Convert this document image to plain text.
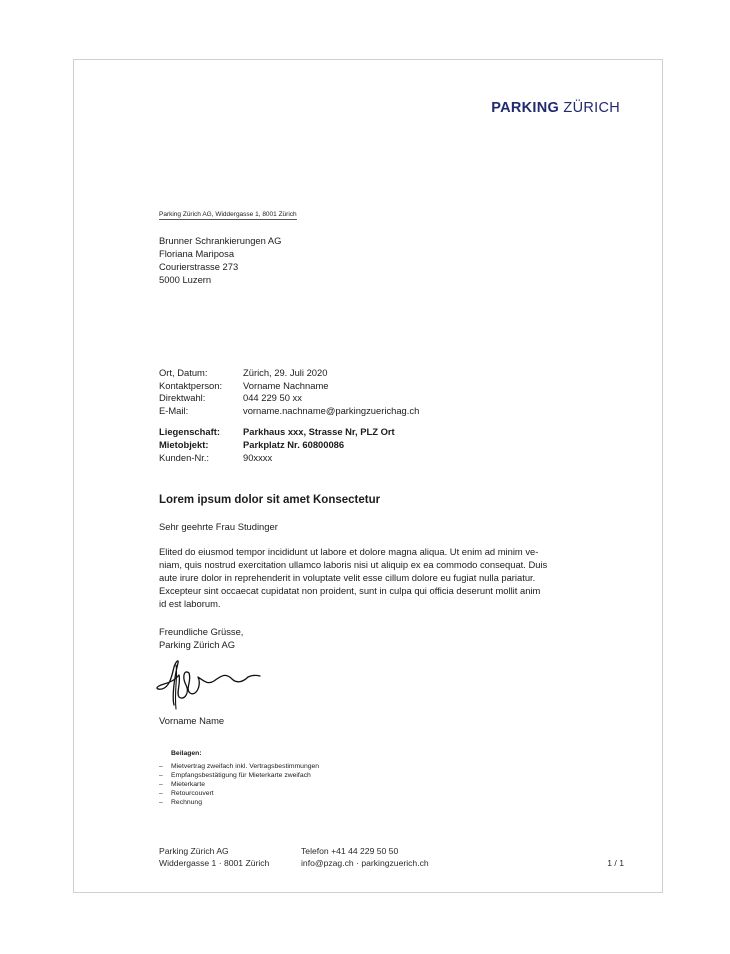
PARKING ZÜRICH
Parking Zürich AG, Widdergasse 1, 8001 Zürich
Brunner Schrankierungen AG
Floriana Mariposa
Courierstrasse 273
5000 Luzern
Ort, Datum:	Zürich, 29. Juli 2020
Kontaktperson:	Vorname Nachname
Direktwahl:	044 229 50 xx
E-Mail:	vorname.nachname@parkingzuerichag.ch
Liegenschaft:	Parkhaus xxx, Strasse Nr, PLZ Ort
Mietobjekt:	Parkplatz Nr. 60800086
Kunden-Nr.:	90xxxx
Lorem ipsum dolor sit amet Konsectetur
Sehr geehrte Frau Studinger
Elited do eiusmod tempor incididunt ut labore et dolore magna aliqua. Ut enim ad minim ve-
niam, quis nostrud exercitation ullamco laboris nisi ut aliquip ex ea commodo consequat. Duis
aute irure dolor in reprehenderit in voluptate velit esse cillum dolore eu fugiat nulla pariatur.
Excepteur sint occaecat cupidatat non proident, sunt in culpa qui officia deserunt mollit anim
id est laborum.
Freundliche Grüsse,
Parking Zürich AG
Vorname Name
Beilagen:
–	Mietvertrag zweifach inkl. Vertragsbestimmungen
–	Empfangsbestätigung für Mieterkarte zweifach
–	Mieterkarte
–	Retourcouvert
–	Rechnung
Parking Zürich AG
Widdergasse 1 · 8001 Zürich
Telefon +41 44 229 50 50
info@pzag.ch · parkingzuerich.ch	1 / 1
